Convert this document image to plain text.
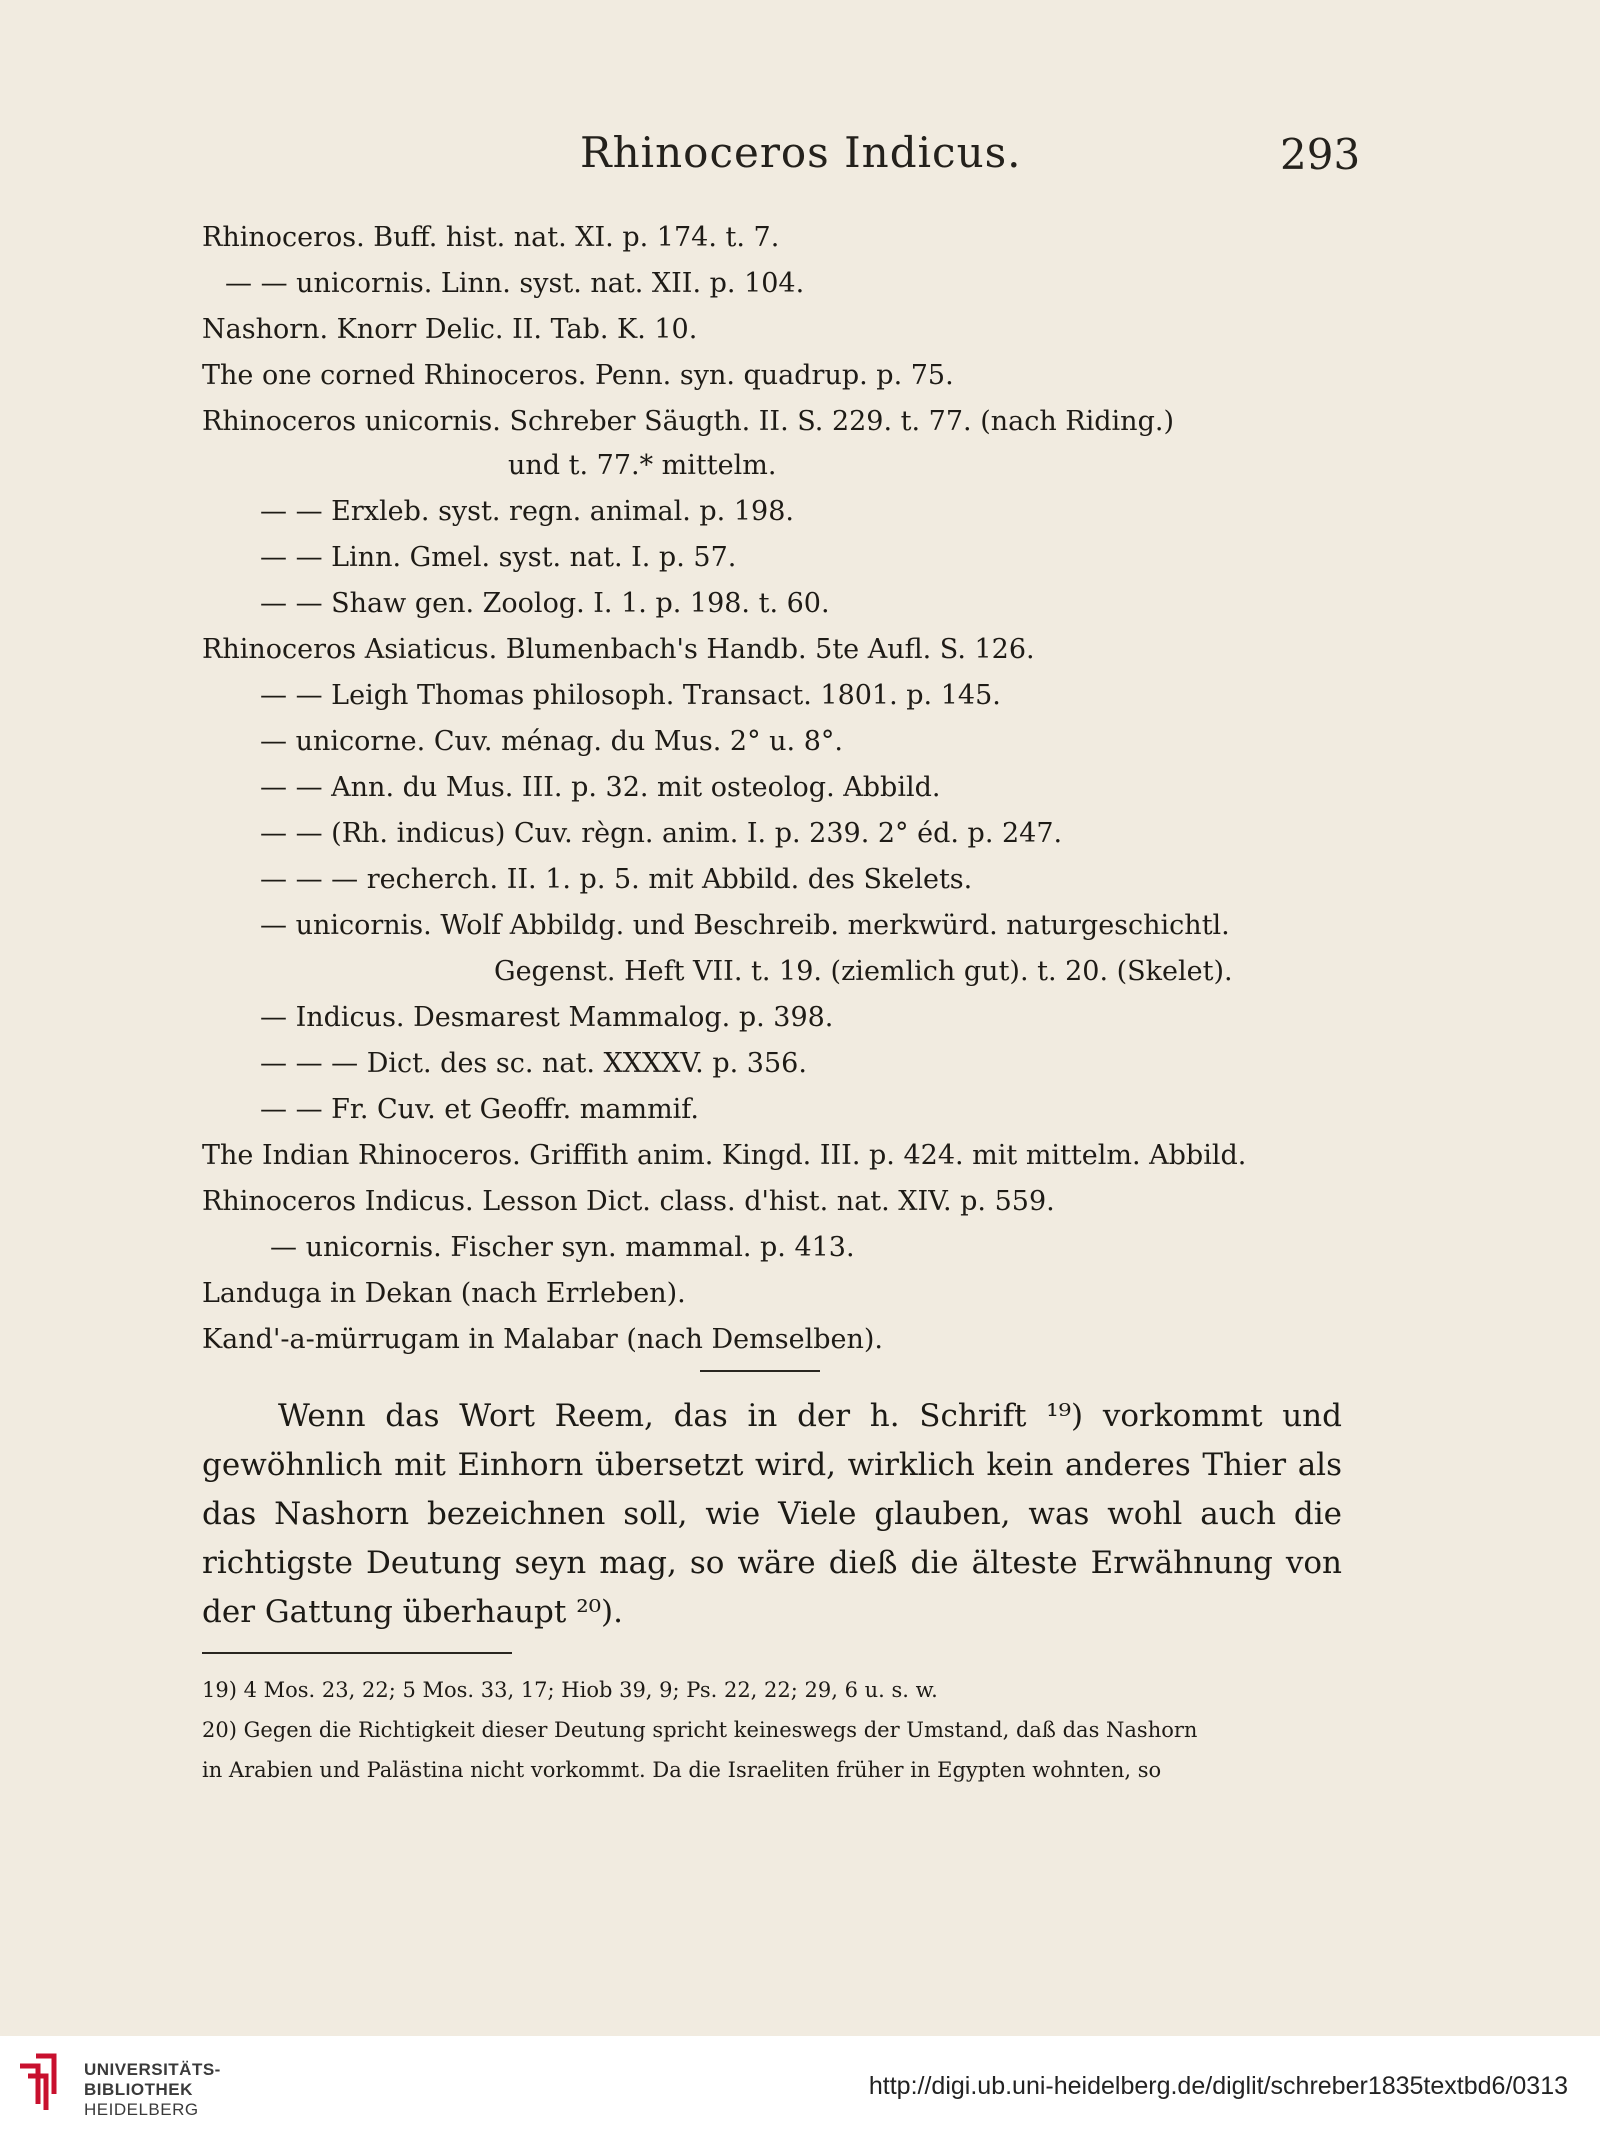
Rhinoceros Indicus.	293
Rhinoceros. Buff. hist. nat. XI. p. 174. t. 7.
— — unicornis. Linn. syst. nat. XII. p. 104.
Nashorn. Knorr Delic. II. Tab. K. 10.
The one corned Rhinoceros. Penn. syn. quadrup. p. 75.
Rhinoceros unicornis. Schreber Säugth. II. S. 229. t. 77. (nach Riding.)
und t. 77.* mittelm.
— — Erxleb. syst. regn. animal. p. 198.
— — Linn. Gmel. syst. nat. I. p. 57.
— — Shaw gen. Zoolog. I. 1. p. 198. t. 60.
Rhinoceros Asiaticus. Blumenbach's Handb. 5te Aufl. S. 126.
— — Leigh Thomas philosoph. Transact. 1801. p. 145.
— unicorne. Cuv. ménag. du Mus. 2° u. 8°.
— — Ann. du Mus. III. p. 32. mit osteolog. Abbild.
— — (Rh. indicus) Cuv. règn. anim. I. p. 239. 2° éd. p. 247.
— — — recherch. II. 1. p. 5. mit Abbild. des Skelets.
— unicornis. Wolf Abbildg. und Beschreib. merkwürd. naturgeschichtl.
Gegenst. Heft VII. t. 19. (ziemlich gut). t. 20. (Skelet).
— Indicus. Desmarest Mammalog. p. 398.
— — — Dict. des sc. nat. XXXXV. p. 356.
— — Fr. Cuv. et Geoffr. mammif.
The Indian Rhinoceros. Griffith anim. Kingd. III. p. 424. mit mittelm. Abbild.
Rhinoceros Indicus. Lesson Dict. class. d'hist. nat. XIV. p. 559.
— unicornis. Fischer syn. mammal. p. 413.
Landuga in Dekan (nach Errleben).
Kand'-a-mürrugam in Malabar (nach Demselben).

Wenn das Wort Reem, das in der h. Schrift ¹⁹) vorkommt und gewöhnlich mit Einhorn übersetzt wird, wirklich kein anderes Thier als das Nashorn bezeichnen soll, wie Viele glauben, was wohl auch die richtigste Deutung seyn mag, so wäre dieß die älteste Erwähnung von der Gattung überhaupt ²⁰).

19) 4 Mos. 23, 22; 5 Mos. 33, 17; Hiob 39, 9; Ps. 22, 22; 29, 6 u. s. w.
20) Gegen die Richtigkeit dieser Deutung spricht keineswegs der Umstand, daß das Nashorn
in Arabien und Palästina nicht vorkommt. Da die Israeliten früher in Egypten wohnten, so
UNIVERSITÄTS-
BIBLIOTHEK
HEIDELBERG
http://digi.ub.uni-heidelberg.de/diglit/schreber1835textbd6/0313
